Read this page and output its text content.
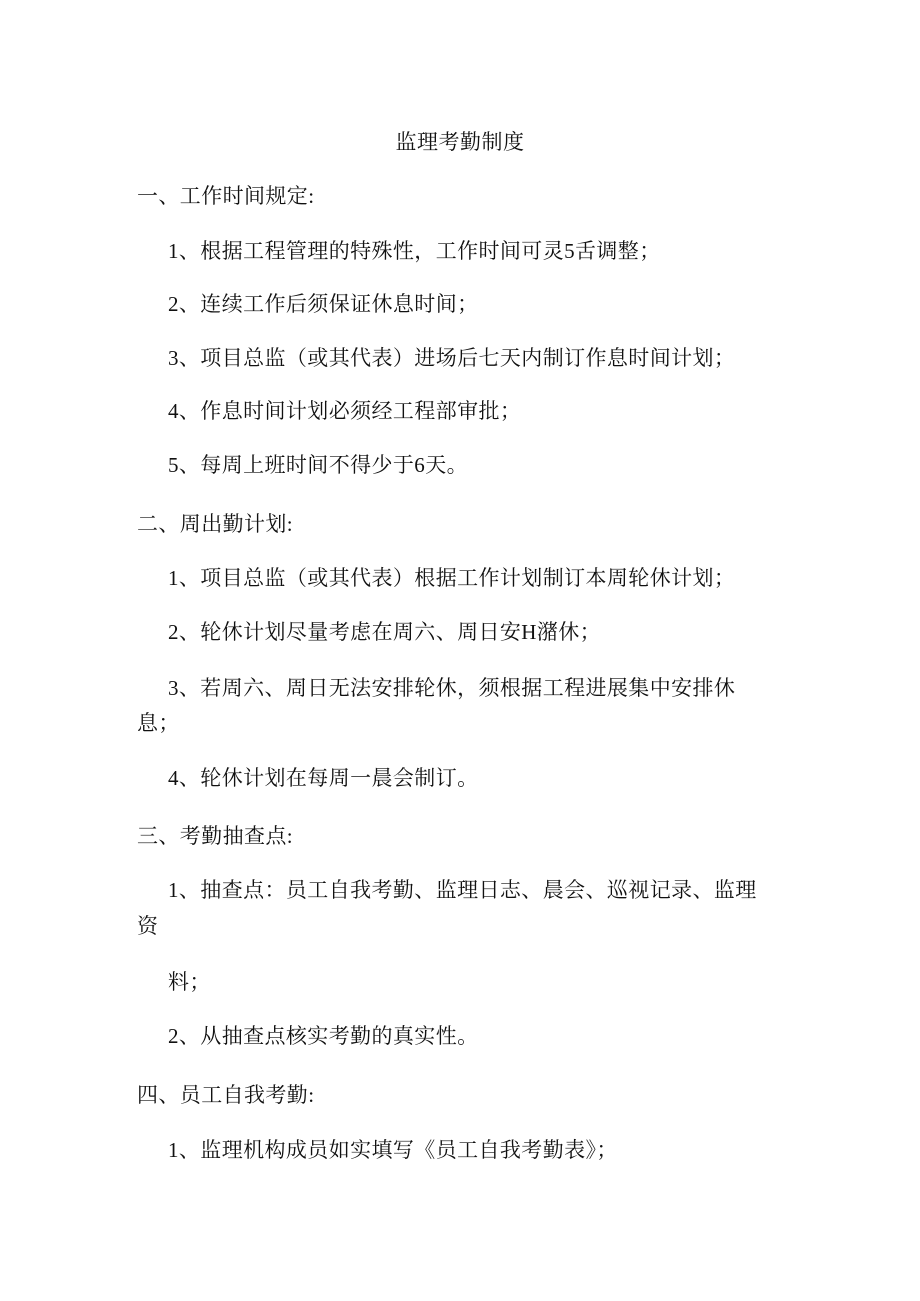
监理考勤制度
一、工作时间规定:
1、根据工程管理的特殊性，工作时间可灵5舌调整；
2、连续工作后须保证休息时间；
3、项目总监（或其代表）进场后七天内制订作息时间计划；
4、作息时间计划必须经工程部审批；
5、每周上班时间不得少于6天。
二、周出勤计划:
1、项目总监（或其代表）根据工作计划制订本周轮休计划；
2、轮休计划尽量考虑在周六、周日安H潴休；
3、若周六、周日无法安排轮休，须根据工程进展集中安排休
息；
4、轮休计划在每周一晨会制订。
三、考勤抽查点:
1、抽查点：员工自我考勤、监理日志、晨会、巡视记录、监理
资
料；
2、从抽查点核实考勤的真实性。
四、员工自我考勤:
1、监理机构成员如实填写《员工自我考勤表》；
